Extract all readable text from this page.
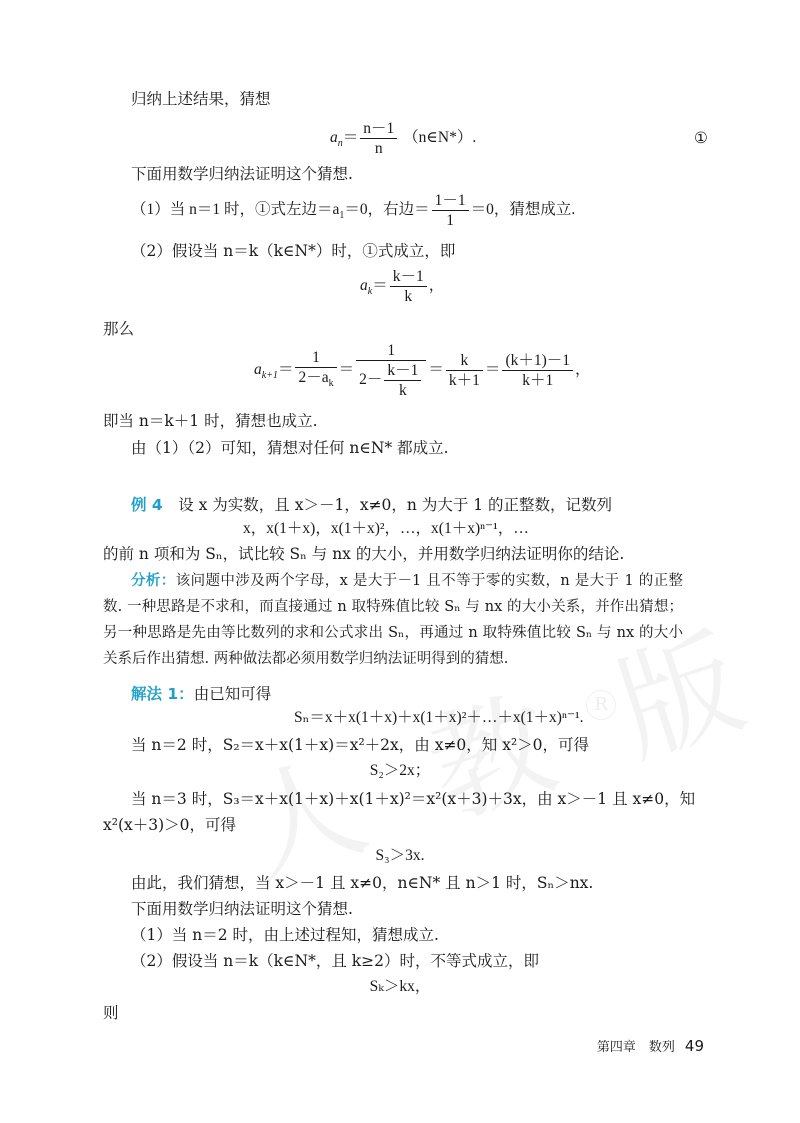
R
归纳上述结果，猜想
$a_n= \frac{n-1}{n}$ （n∈N*）.	①
下面用数学归纳法证明这个猜想.
（1）当 n＝1 时，①式左边$=a_1=0$，右边＝ $\frac{1-1}{1} =0$，猜想成立.
（2）假设当 n＝k（k∈N*）时，①式成立，即
$a_k= \frac{k-1}{k}$ ，
那么
$a_{k+1}= \frac{1}{2-a_k} = \frac{1}{2- \frac{k-1}{k}} = \frac{k}{k+1} = \frac{(k+1)-1}{k+1}$ ，
即当 n＝k＋1 时，猜想也成立.
由（1）（2）可知，猜想对任何 n∈N* 都成立.
例 4　 设 x 为实数，且 x＞－1，x≠0，n 为大于 1 的正整数，记数列
x，x(1＋x)，x(1＋x)²，…，x(1＋x)ⁿ⁻¹，…
的前 n 项和为 Sₙ，试比较 Sₙ 与 nx 的大小，并用数学归纳法证明你的结论.
分析：该问题中涉及两个字母，x 是大于－1 且不等于零的实数，n 是大于 1 的正整数. 一种思路是不求和，而直接通过 n 取特殊值比较 Sₙ 与 nx 的大小关系，并作出猜想；另一种思路是先由等比数列的求和公式求出 Sₙ，再通过 n 取特殊值比较 Sₙ 与 nx 的大小关系后作出猜想. 两种做法都必须用数学归纳法证明得到的猜想.
解法 1：由已知可得
Sₙ＝x＋x(1＋x)＋x(1＋x)²＋…＋x(1＋x)ⁿ⁻¹.
当 n＝2 时，S₂＝x＋x(1＋x)＝x²＋2x，由 x≠0，知 x²＞0，可得
S₂＞2x；
当 n＝3 时，S₃＝x＋x(1＋x)＋x(1＋x)²＝x²(x＋3)＋3x，由 x＞－1 且 x≠0，知
x²(x＋3)＞0，可得
S₃＞3x.
由此，我们猜想，当 x＞－1 且 x≠0，n∈N* 且 n＞1 时，Sₙ＞nx.
下面用数学归纳法证明这个猜想.
（1）当 n＝2 时，由上述过程知，猜想成立.
（2）假设当 n＝k（k∈N*，且 k≥2）时，不等式成立，即
Sₖ＞kx，
则
第四章　数列 49
